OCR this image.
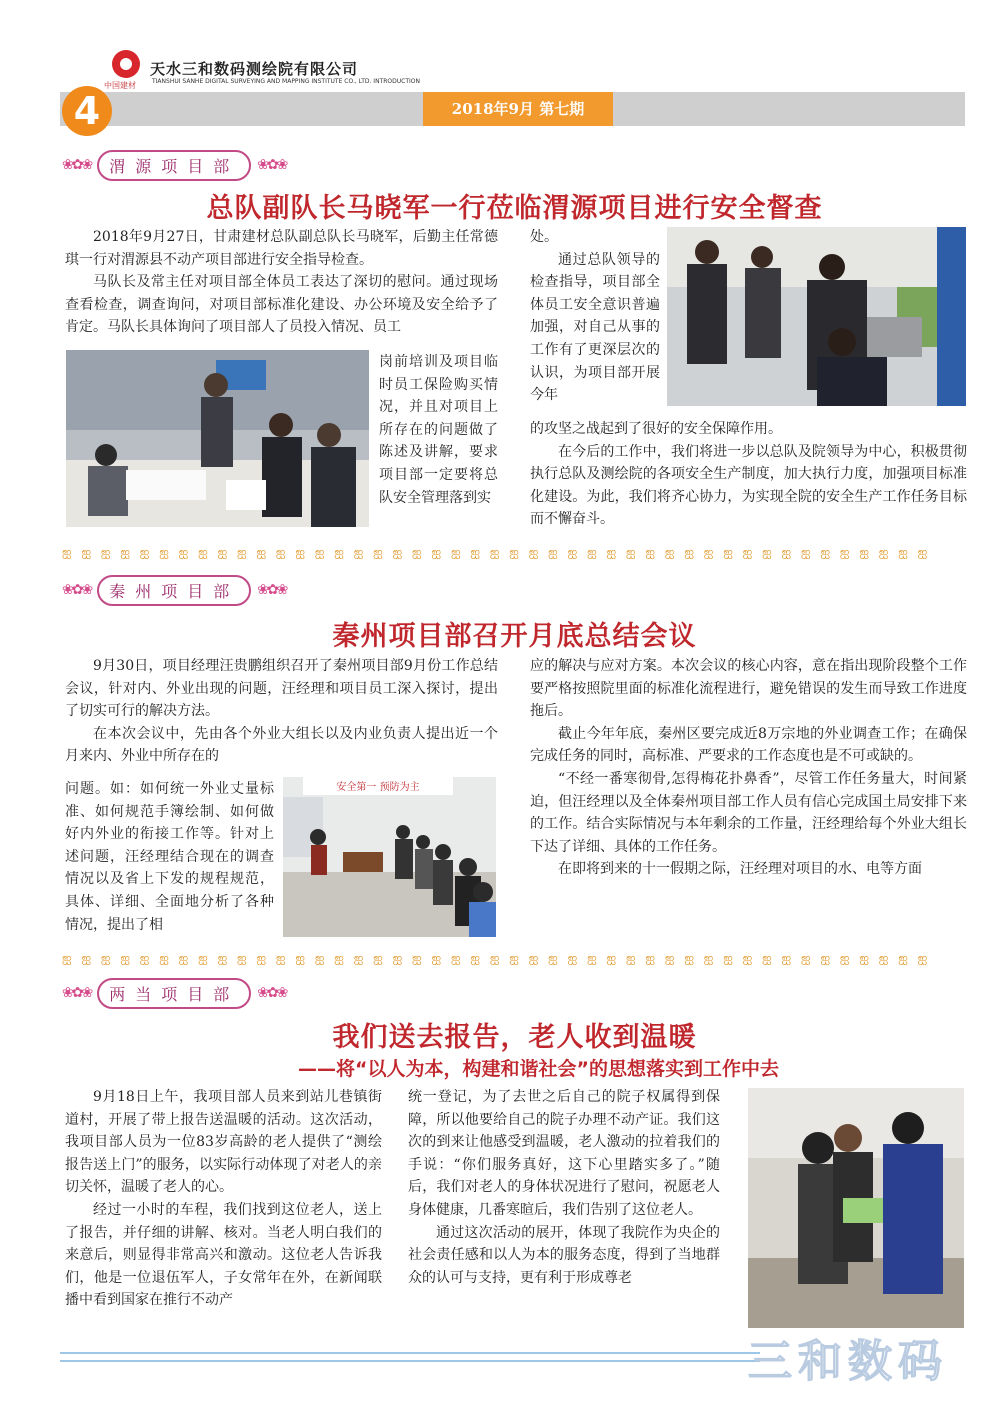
中国建材
天水三和数码测绘院有限公司
TIANSHUI SANHE DIGITAL SURVEYING AND MAPPING INSTITUTE CO., LTD. INTRODUCTION
2018年9月 第七期
4
❀✿❀	渭源项目部	❀✿❀
总队副队长马晓军一行莅临渭源项目进行安全督查

2018年9月27日，甘肃建材总队副总队长马晓军，后勤主任常德琪一行对渭源县不动产项目部进行安全指导检查。

马队长及常主任对项目部全体员工表达了深切的慰问。通过现场查看检查，调查询问，对项目部标准化建设、办公环境及安全给予了肯定。马队长具体询问了项目部人了员投入情况、员工

岗前培训及项目临时员工保险购买情况，并且对项目上所存在的问题做了陈述及讲解，要求项目部一定要将总队安全管理落到实

处。

通过总队领导的检查指导，项目部全体员工安全意识普遍加强，对自己从事的工作有了更深层次的认识，为项目部开展今年

的攻坚之战起到了很好的安全保障作用。

在今后的工作中，我们将进一步以总队及院领导为中心，积极贯彻执行总队及测绘院的各项安全生产制度，加大执行力度，加强项目标准化建设。为此，我们将齐心协力，为实现全院的安全生产工作任务目标而不懈奋斗。

ஐ ஐ ஐ ஐ ஐ ஐ ஐ ஐ ஐ ஐ ஐ ஐ ஐ ஐ ஐ ஐ ஐ ஐ ஐ ஐ ஐ ஐ ஐ ஐ ஐ ஐ ஐ ஐ ஐ ஐ ஐ ஐ ஐ ஐ ஐ ஐ ஐ ஐ ஐ ஐ ஐ ஐ ஐ ஐ ஐ
❀✿❀	秦州项目部	❀✿❀
秦州项目部召开月底总结会议

9月30日，项目经理汪贵鹏组织召开了秦州项目部9月份工作总结会议，针对内、外业出现的问题，汪经理和项目员工深入探讨，提出了切实可行的解决方法。

在本次会议中，先由各个外业大组长以及内业负责人提出近一个月来内、外业中所存在的

问题。如：如何统一外业丈量标准、如何规范手簿绘制、如何做好内外业的衔接工作等。针对上述问题，汪经理结合现在的调查情况以及省上下发的规程规范，具体、详细、全面地分析了各种情况，提出了相

安全第一 预防为主

应的解决与应对方案。本次会议的核心内容，意在指出现阶段整个工作要严格按照院里面的标准化流程进行，避免错误的发生而导致工作进度拖后。

截止今年年底，秦州区要完成近8万宗地的外业调查工作；在确保完成任务的同时，高标准、严要求的工作态度也是不可或缺的。

“不经一番寒彻骨,怎得梅花扑鼻香”，尽管工作任务量大，时间紧迫，但汪经理以及全体秦州项目部工作人员有信心完成国土局安排下来的工作。结合实际情况与本年剩余的工作量，汪经理给每个外业大组长下达了详细、具体的工作任务。

在即将到来的十一假期之际，汪经理对项目的水、电等方面

ஐ ஐ ஐ ஐ ஐ ஐ ஐ ஐ ஐ ஐ ஐ ஐ ஐ ஐ ஐ ஐ ஐ ஐ ஐ ஐ ஐ ஐ ஐ ஐ ஐ ஐ ஐ ஐ ஐ ஐ ஐ ஐ ஐ ஐ ஐ ஐ ஐ ஐ ஐ ஐ ஐ ஐ ஐ ஐ ஐ
❀✿❀	两当项目部	❀✿❀
我们送去报告，老人收到温暖
——将“以人为本，构建和谐社会”的思想落实到工作中去

9月18日上午，我项目部人员来到站儿巷镇街道村，开展了带上报告送温暖的活动。这次活动，我项目部人员为一位83岁高龄的老人提供了“测绘报告送上门”的服务，以实际行动体现了对老人的亲切关怀，温暖了老人的心。

经过一小时的车程，我们找到这位老人，送上了报告，并仔细的讲解、核对。当老人明白我们的来意后，则显得非常高兴和激动。这位老人告诉我们，他是一位退伍军人，子女常年在外，在新闻联播中看到国家在推行不动产

统一登记，为了去世之后自己的院子权属得到保障，所以他要给自己的院子办理不动产证。我们这次的到来让他感受到温暖，老人激动的拉着我们的手说：“你们服务真好，这下心里踏实多了。”随后，我们对老人的身体状况进行了慰问，祝愿老人身体健康，几番寒暄后，我们告别了这位老人。

通过这次活动的展开，体现了我院作为央企的社会责任感和以人为本的服务态度，得到了当地群众的认可与支持，更有利于形成尊老

三和数码
